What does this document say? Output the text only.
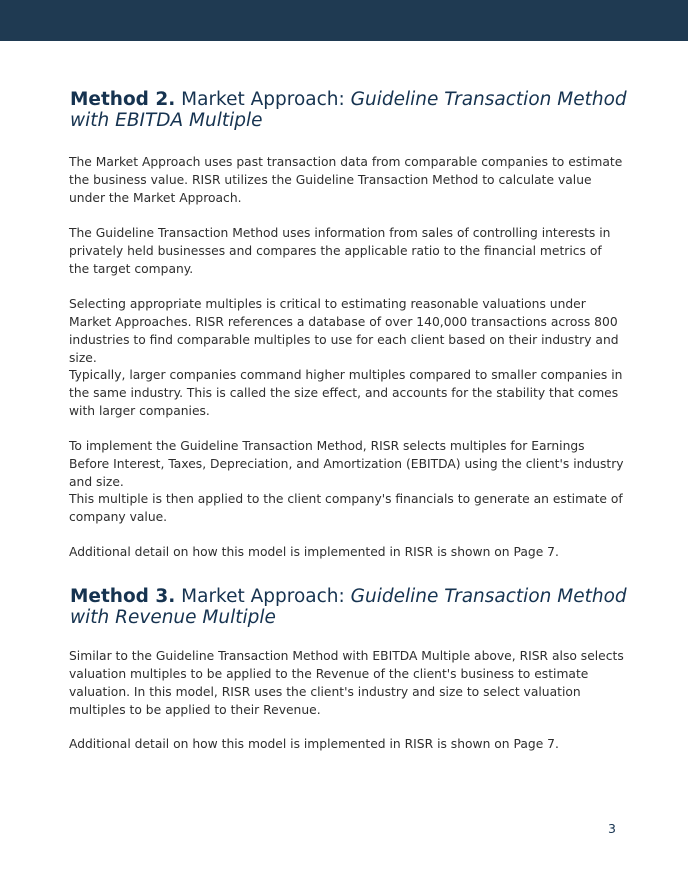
Method 2. Market Approach: Guideline Transaction Method with EBITDA Multiple

The Market Approach uses past transaction data from comparable companies to estimate the business value. RISR utilizes the Guideline Transaction Method to calculate value under the Market Approach.

The Guideline Transaction Method uses information from sales of controlling interests in privately held businesses and compares the applicable ratio to the financial metrics of the target company.

Selecting appropriate multiples is critical to estimating reasonable valuations under Market Approaches. RISR references a database of over 140,000 transactions across 800 industries to find comparable multiples to use for each client based on their industry and size.

Typically, larger companies command higher multiples compared to smaller companies in the same industry. This is called the size effect, and accounts for the stability that comes with larger companies.

To implement the Guideline Transaction Method, RISR selects multiples for Earnings Before Interest, Taxes, Depreciation, and Amortization (EBITDA) using the client's industry and size.

This multiple is then applied to the client company's financials to generate an estimate of company value.

Additional detail on how this model is implemented in RISR is shown on Page 7.

Method 3. Market Approach: Guideline Transaction Method with Revenue Multiple

Similar to the Guideline Transaction Method with EBITDA Multiple above, RISR also selects valuation multiples to be applied to the Revenue of the client's business to estimate valuation. In this model, RISR uses the client's industry and size to select valuation multiples to be applied to their Revenue.

Additional detail on how this model is implemented in RISR is shown on Page 7.

3
